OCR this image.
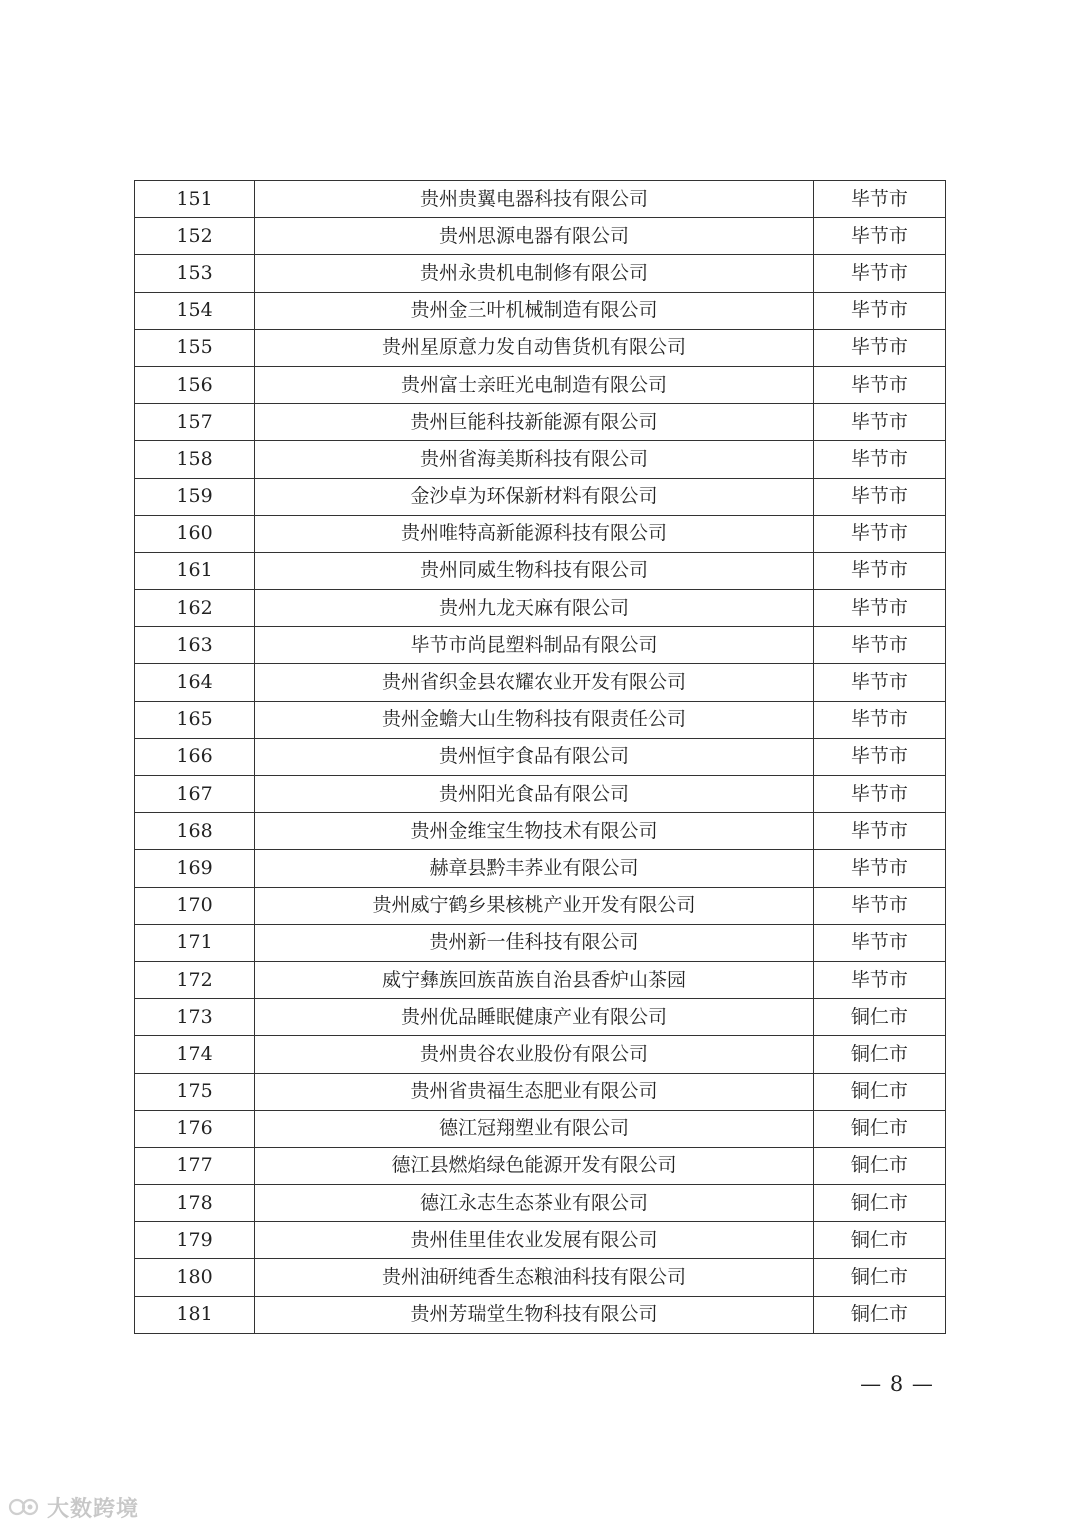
151	贵州贵翼电器科技有限公司	毕节市
152	贵州思源电器有限公司	毕节市
153	贵州永贵机电制修有限公司	毕节市
154	贵州金三叶机械制造有限公司	毕节市
155	贵州星原意力发自动售货机有限公司	毕节市
156	贵州富士亲旺光电制造有限公司	毕节市
157	贵州巨能科技新能源有限公司	毕节市
158	贵州省海美斯科技有限公司	毕节市
159	金沙卓为环保新材料有限公司	毕节市
160	贵州唯特高新能源科技有限公司	毕节市
161	贵州同威生物科技有限公司	毕节市
162	贵州九龙天麻有限公司	毕节市
163	毕节市尚昆塑料制品有限公司	毕节市
164	贵州省织金县农耀农业开发有限公司	毕节市
165	贵州金蟾大山生物科技有限责任公司	毕节市
166	贵州恒宇食品有限公司	毕节市
167	贵州阳光食品有限公司	毕节市
168	贵州金维宝生物技术有限公司	毕节市
169	赫章县黔丰荞业有限公司	毕节市
170	贵州威宁鹤乡果核桃产业开发有限公司	毕节市
171	贵州新一佳科技有限公司	毕节市
172	威宁彝族回族苗族自治县香炉山茶园	毕节市
173	贵州优品睡眠健康产业有限公司	铜仁市
174	贵州贵谷农业股份有限公司	铜仁市
175	贵州省贵福生态肥业有限公司	铜仁市
176	德江冠翔塑业有限公司	铜仁市
177	德江县燃焰绿色能源开发有限公司	铜仁市
178	德江永志生态茶业有限公司	铜仁市
179	贵州佳里佳农业发展有限公司	铜仁市
180	贵州油研纯香生态粮油科技有限公司	铜仁市
181	贵州芳瑞堂生物科技有限公司	铜仁市
— 8 —
大数跨境
